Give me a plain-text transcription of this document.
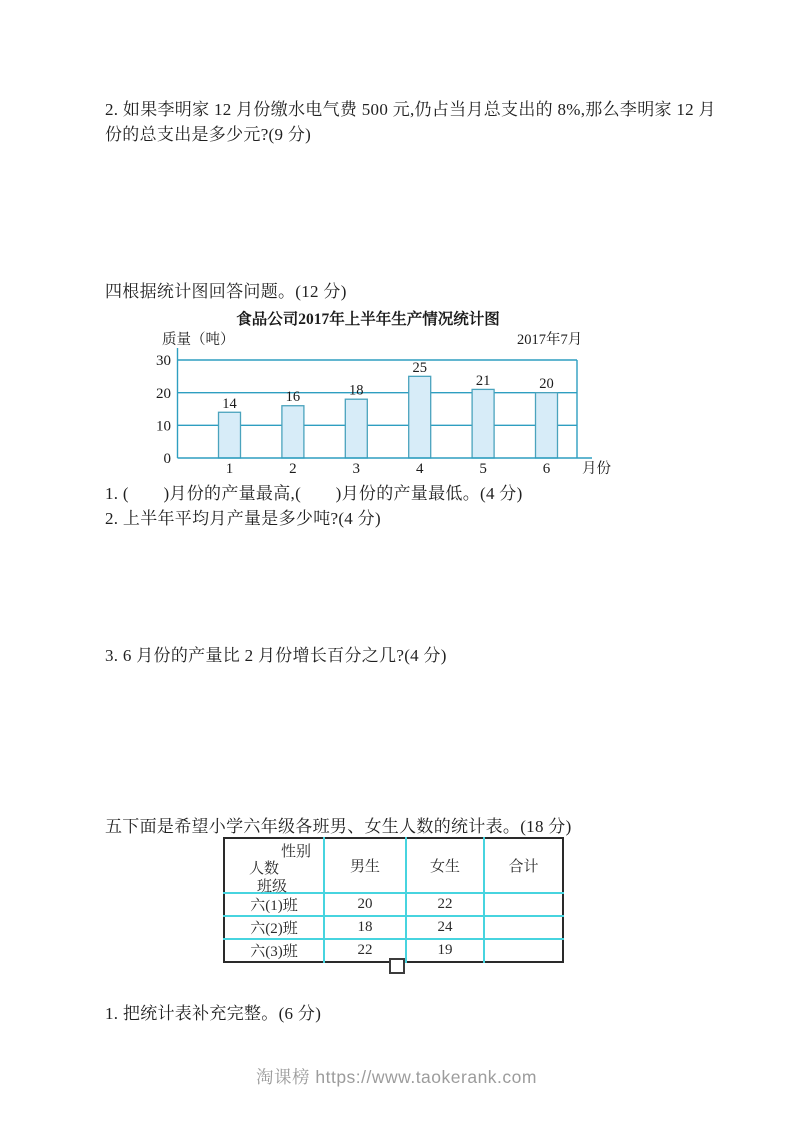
2. 如果李明家 12 月份缴水电气费 500 元,仍占当月总支出的 8%,那么李明家 12 月
份的总支出是多少元?(9 分)
四根据统计图回答问题。(12 分)
食品公司2017年上半年生产情况统计图
质量（吨）	2017年7月
0
10
20
30
14
1
16
2
18
3
25
4
21
5
20
6 月份
1. (　　)月份的产量最高,(　　)月份的产量最低。(4 分)
2. 上半年平均月产量是多少吨?(4 分)
3. 6 月份的产量比 2 月份增长百分之几?(4 分)
五下面是希望小学六年级各班男、女生人数的统计表。(18 分)
性别
人数
班级	男生	女生	合计
六(1)班	20	22	
六(2)班	18	24	
六(3)班	22	19	
1. 把统计表补充完整。(6 分)
淘课榜 https://www.taokerank.com
